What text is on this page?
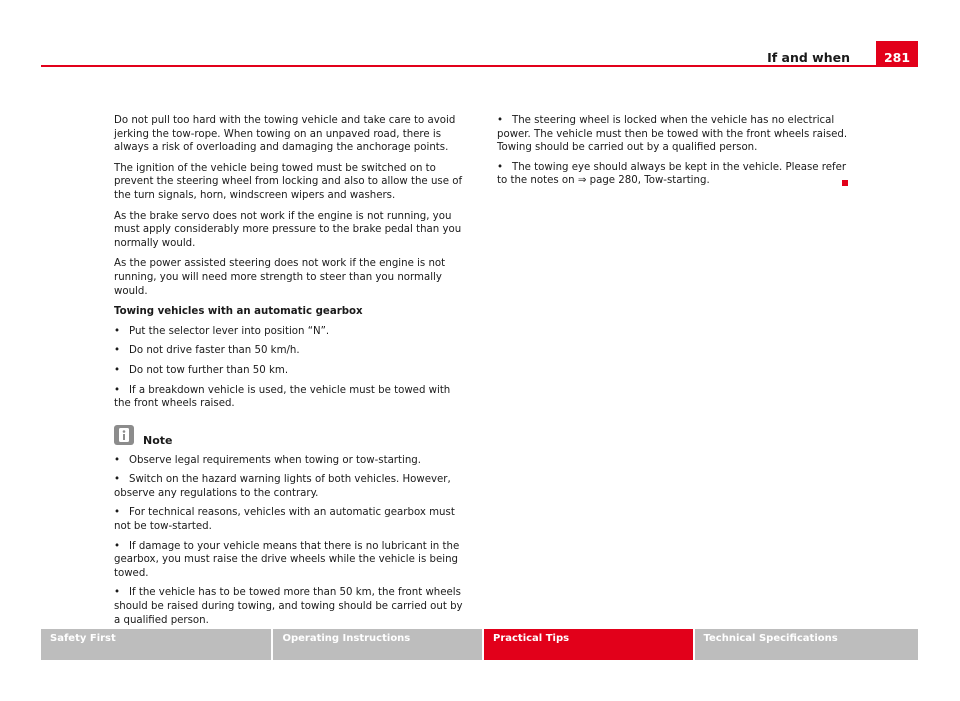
If and when	281

Do not pull too hard with the towing vehicle and take care to avoid jerking the tow-rope. When towing on an unpaved road, there is always a risk of overloading and damaging the anchorage points.

The ignition of the vehicle being towed must be switched on to prevent the steering wheel from locking and also to allow the use of the turn signals, horn, windscreen wipers and washers.

As the brake servo does not work if the engine is not running, you must apply considerably more pressure to the brake pedal than you normally would.

As the power assisted steering does not work if the engine is not running, you will need more strength to steer than you normally would.

Towing vehicles with an automatic gearbox
• Put the selector lever into position “N”.
• Do not drive faster than 50 km/h.
• Do not tow further than 50 km.
• If a breakdown vehicle is used, the vehicle must be towed with the front wheels raised.
Note
• Observe legal requirements when towing or tow-starting.
• Switch on the hazard warning lights of both vehicles. However, observe any regulations to the contrary.
• For technical reasons, vehicles with an automatic gearbox must not be tow-started.
• If damage to your vehicle means that there is no lubricant in the gearbox, you must raise the drive wheels while the vehicle is being towed.
• If the vehicle has to be towed more than 50 km, the front wheels should be raised during towing, and towing should be carried out by a qualified person.
• The steering wheel is locked when the vehicle has no electrical power. The vehicle must then be towed with the front wheels raised. Towing should be carried out by a qualified person.
• The towing eye should always be kept in the vehicle. Please refer to the notes on ⇒ page 280, Tow-starting.
Safety First	Operating Instructions	Practical Tips	Technical Specifications
